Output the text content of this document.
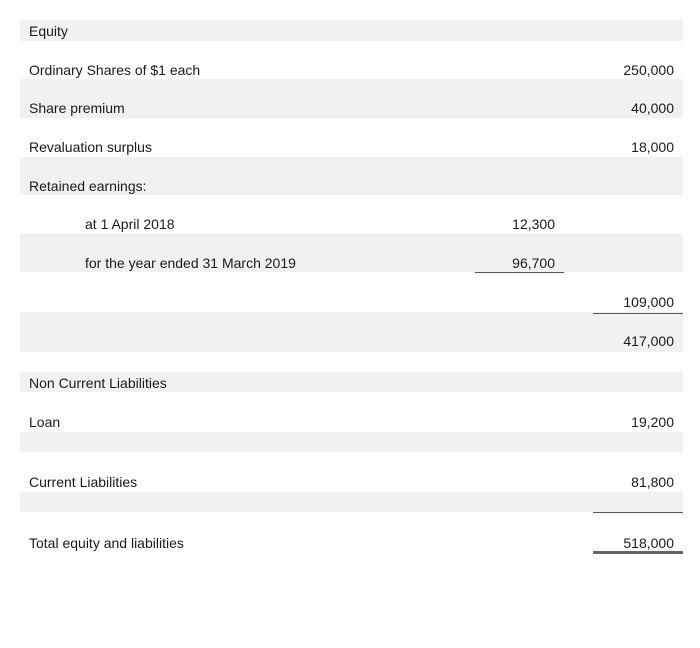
Equity
Ordinary Shares of $1 each	250,000
Share premium	40,000
Revaluation surplus	18,000
Retained earnings:
at 1 April 2018	12,300
for the year ended 31 March 2019	96,700
109,000
417,000
Non Current Liabilities
Loan	19,200
Current Liabilities	81,800
Total equity and liabilities	518,000
